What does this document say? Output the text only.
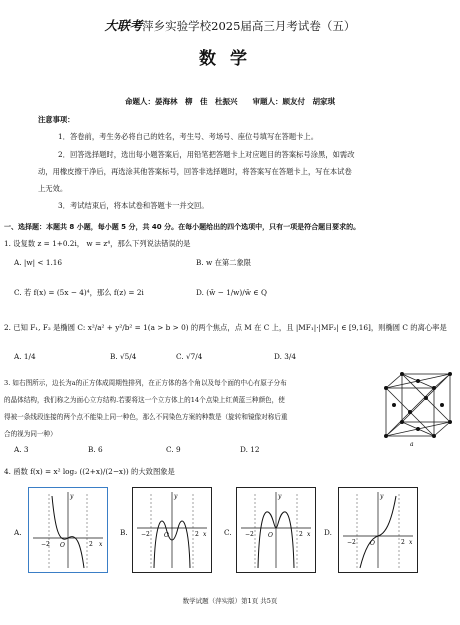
大联考萍乡实验学校2025届高三月考试卷（五）
数学
命题人：晏海林　柳　佳　杜振兴　　审题人：顾友付　胡家琪
注意事项：
1．答卷前，考生务必将自己的姓名，考生号、考场号、座位号填写在答题卡上。
2．回答选择题时，选出每小题答案后，用铅笔把答题卡上对应题目的答案标号涂黑，如需改
动，用橡皮擦干净后，再选涂其他答案标号，回答非选择题时，将答案写在答题卡上，写在本试卷
上无效。
3．考试结束后，将本试卷和答题卡一并交回。
一、选择题：本题共 8 小题，每小题 5 分，共 40 分。在每小题给出的四个选项中，只有一项是符合题目要求的。
1. 设复数 z = 1+0.2i， w = z⁴，那么下列说法错误的是
A. |w| < 1.16	B. w 在第二象限
C. 若 f(x) = (5x − 4)⁴，那么 f(z) = 2i	D. (w̄ − 1/w)/w̄ ∈ Q
2. 已知 F₁, F₂ 是椭圆 C: x²/a² + y²/b² = 1(a > b > 0) 的两个焦点，点 M 在 C 上，且 |MF₁|·|MF₂| ∈ [9,16]，则椭圆 C 的离心率是
A. 1/4	B. √5/4	C. √7/4	D. 3/4
3. 如右图所示，边长为a的正方体成周期性排列，在正方体的各个角以及每个面的中心有原子分布
的晶体结构，我们称之为面心立方结构.若要将这一个立方体上的14个点染上红黄蓝三种颜色，使
得被一条线段连接的两个点不能染上同一种色，那么不同染色方案的种数是（旋转和镜像对称后重
合的视为同一种）
A. 3	B. 6	C. 9	D. 12
a
4. 函数 f(x) = x² log₂ ((2+x)/(2−x)) 的大致图象是
A.
y
x
O
−2	2
B.
y
x
O
−2	2	C.
y
x
O
−2	2	D.
y
x
O
−2	2
数学试题（萍实版）第1页 共5页
